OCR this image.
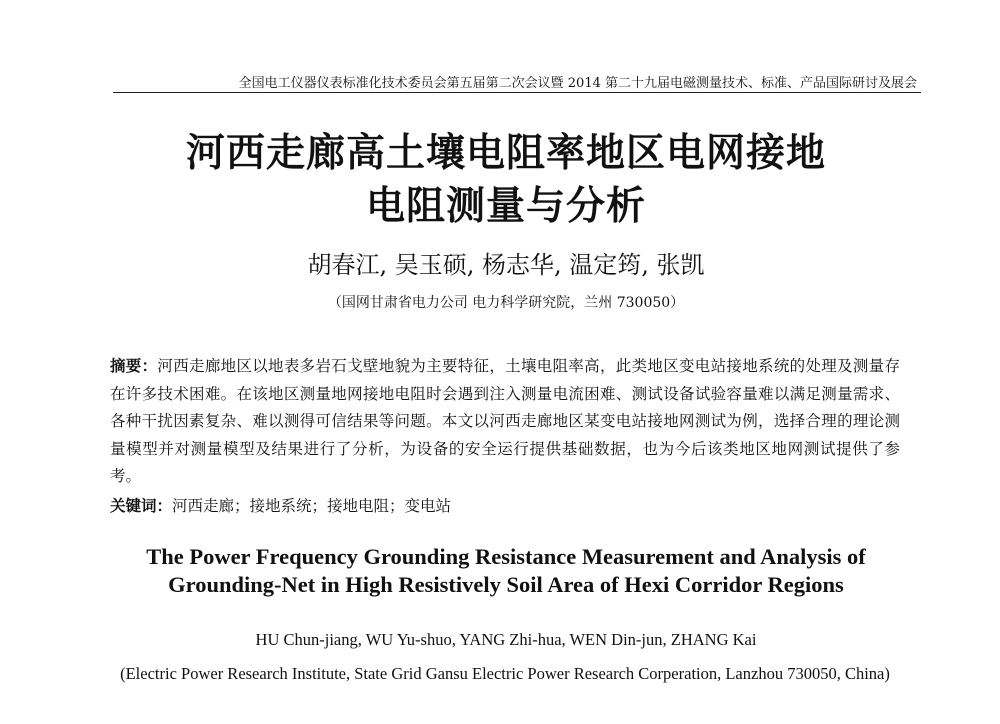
全国电工仪器仪表标准化技术委员会第五届第二次会议暨 2014 第二十九届电磁测量技术、标准、产品国际研讨及展会
河西走廊高土壤电阻率地区电网接地
电阻测量与分析
胡春江, 吴玉硕, 杨志华, 温定筠, 张凯
（国网甘肃省电力公司 电力科学研究院，兰州 730050）
摘要：河西走廊地区以地表多岩石戈壁地貌为主要特征，土壤电阻率高，此类地区变电站接地系统的处理及测量存在许多技术困难。在该地区测量地网接地电阻时会遇到注入测量电流困难、测试设备试验容量难以满足测量需求、各种干扰因素复杂、难以测得可信结果等问题。本文以河西走廊地区某变电站接地网测试为例，选择合理的理论测量模型并对测量模型及结果进行了分析，为设备的安全运行提供基础数据，也为今后该类地区地网测试提供了参考。
关键词：河西走廊；接地系统；接地电阻；变电站
The Power Frequency Grounding Resistance Measurement and Analysis of
Grounding-Net in High Resistively Soil Area of Hexi Corridor Regions
HU Chun-jiang, WU Yu-shuo, YANG Zhi-hua, WEN Din-jun, ZHANG Kai
(Electric Power Research Institute, State Grid Gansu Electric Power Research Corperation, Lanzhou 730050, China)
